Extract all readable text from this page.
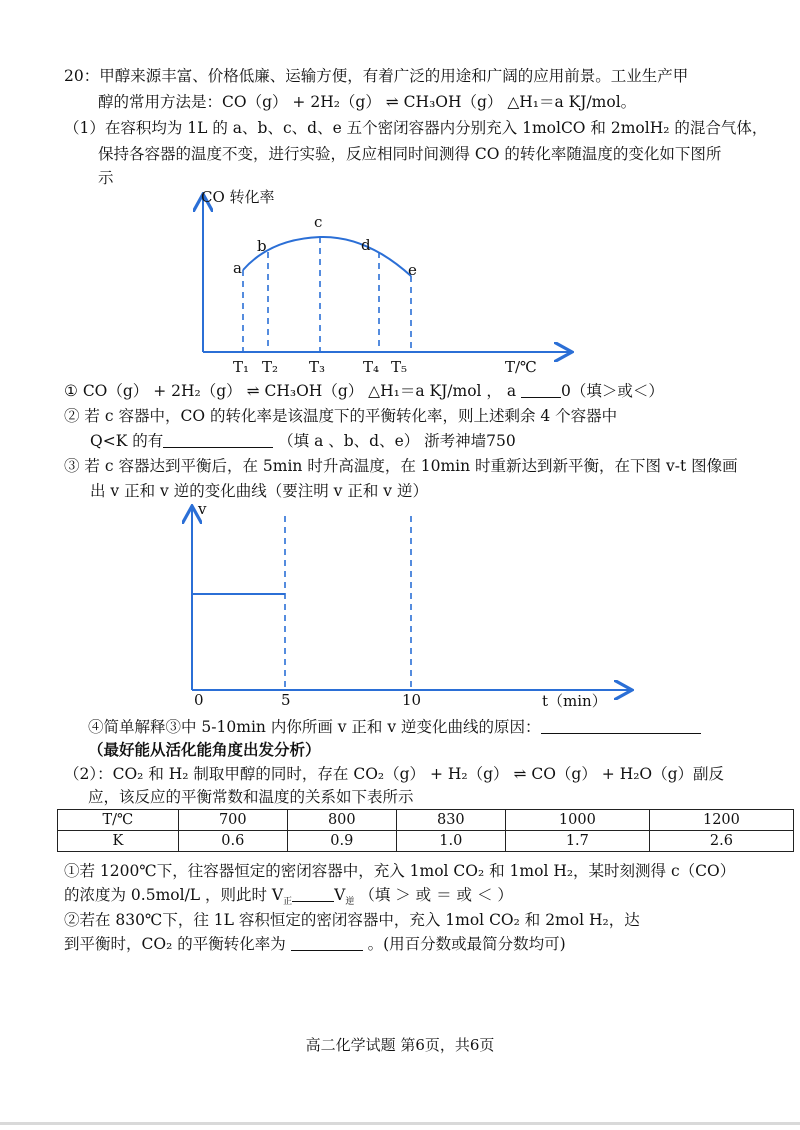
20：甲醇来源丰富、价格低廉、运输方便，有着广泛的用途和广阔的应用前景。工业生产甲
醇的常用方法是：CO（g） + 2H₂（g） ⇌ CH₃OH（g） △H₁＝a KJ/mol。
（1）在容积均为 1L 的 a、b、c、d、e 五个密闭容器内分别充入 1molCO 和 2molH₂ 的混合气体，
保持各容器的温度不变，进行实验，反应相同时间测得 CO 的转化率随温度的变化如下图所
示
CO 转化率
T/℃
a
b
c
d
e
T₁ T₂ T₃	T₄ T₅
v
0	5	10	t（min）
① CO（g） + 2H₂（g） ⇌ CH₃OH（g） △H₁＝a KJ/mol ， a	0（填＞或＜）
② 若 c 容器中，CO 的转化率是该温度下的平衡转化率，则上述剩余 4 个容器中
Q<K 的有	（填 a 、b、d、e） 浙考神墙750
③ 若 c 容器达到平衡后，在 5min 时升高温度，在 10min 时重新达到新平衡，在下图 v-t 图像画
出 v 正和 v 逆的变化曲线（要注明 v 正和 v 逆）
④简单解释③中 5-10min 内你所画 v 正和 v 逆变化曲线的原因：
（最好能从活化能角度出发分析）
（2）：CO₂ 和 H₂ 制取甲醇的同时，存在 CO₂（g） + H₂（g） ⇌ CO（g） + H₂O（g）副反
应，该反应的平衡常数和温度的关系如下表所示
T/℃	700	800	830	1000	1200
K	0.6	0.9	1.0	1.7	2.6
①若 1200℃下，往容器恒定的密闭容器中，充入 1mol CO₂ 和 1mol H₂，某时刻测得 c（CO）
的浓度为 0.5mol/L ，则此时 $V_正$	$V_逆$ （填 ＞ 或 ＝ 或 ＜ ）
②若在 830℃下，往 1L 容积恒定的密闭容器中，充入 1mol CO₂ 和 2mol H₂，达
到平衡时，CO₂ 的平衡转化率为	。(用百分数或最简分数均可)
高二化学试题 第6页，共6页
